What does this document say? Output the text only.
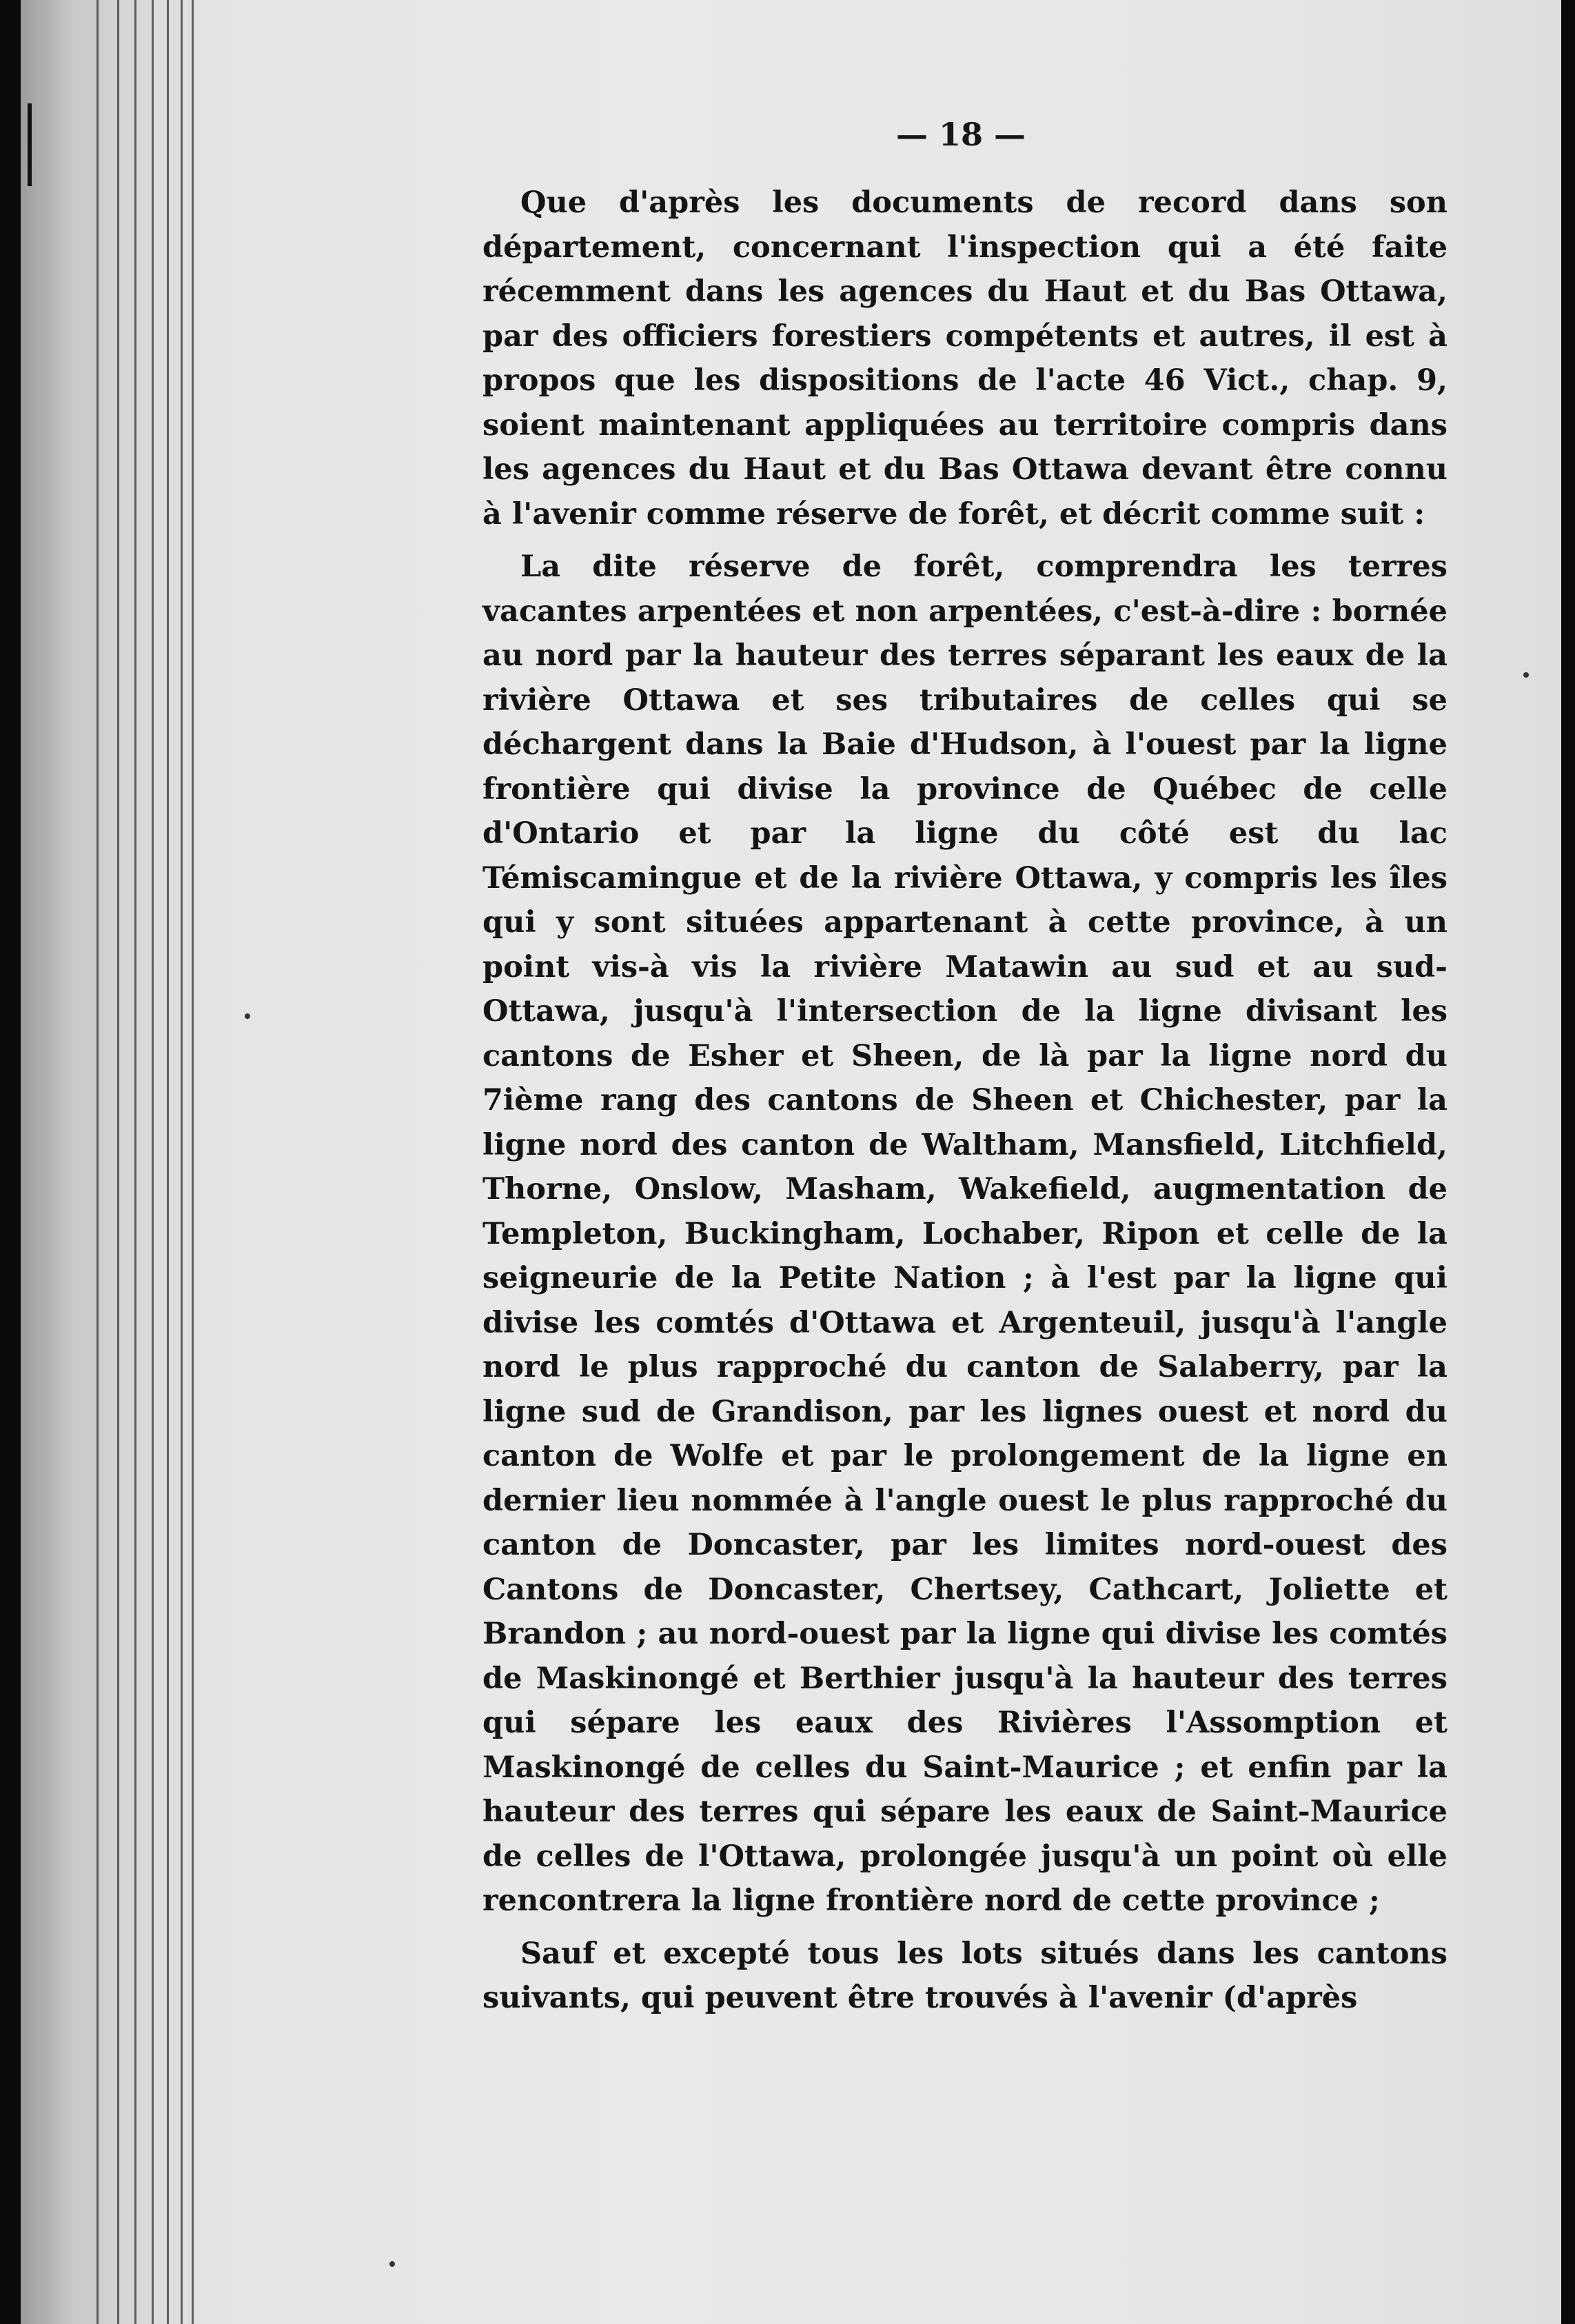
— 18 —

Que d'après les documents de record dans son département, concernant l'inspection qui a été faite récemment dans les agences du Haut et du Bas Ottawa, par des officiers forestiers compétents et autres, il est à propos que les dispositions de l'acte 46 Vict., chap. 9, soient maintenant appliquées au territoire compris dans les agences du Haut et du Bas Ottawa devant être connu à l'avenir comme réserve de forêt, et décrit comme suit :

La dite réserve de forêt, comprendra les terres vacantes arpentées et non arpentées, c'est-à-dire : bornée au nord par la hauteur des terres séparant les eaux de la rivière Ottawa et ses tributaires de celles qui se déchargent dans la Baie d'Hudson, à l'ouest par la ligne frontière qui divise la province de Québec de celle d'Ontario et par la ligne du côté est du lac Témiscamingue et de la rivière Ottawa, y compris les îles qui y sont situées appartenant à cette province, à un point vis-à vis la rivière Matawin au sud et au sud-Ottawa, jusqu'à l'intersection de la ligne divisant les cantons de Esher et Sheen, de là par la ligne nord du 7ième rang des cantons de Sheen et Chichester, par la ligne nord des canton de Waltham, Mansfield, Litchfield, Thorne, Onslow, Masham, Wakefield, augmentation de Templeton, Buckingham, Lochaber, Ripon et celle de la seigneurie de la Petite Nation ; à l'est par la ligne qui divise les comtés d'Ottawa et Argenteuil, jusqu'à l'angle nord le plus rapproché du canton de Salaberry, par la ligne sud de Grandison, par les lignes ouest et nord du canton de Wolfe et par le prolongement de la ligne en dernier lieu nommée à l'angle ouest le plus rapproché du canton de Doncaster, par les limites nord-ouest des Cantons de Doncaster, Chertsey, Cathcart, Joliette et Brandon ; au nord-ouest par la ligne qui divise les comtés de Maskinongé et Berthier jusqu'à la hauteur des terres qui sépare les eaux des Rivières l'Assomption et Maskinongé de celles du Saint-Maurice ; et enfin par la hauteur des terres qui sépare les eaux de Saint-Maurice de celles de l'Ottawa, prolongée jusqu'à un point où elle rencontrera la ligne frontière nord de cette province ;

Sauf et excepté tous les lots situés dans les cantons suivants, qui peuvent être trouvés à l'avenir (d'après
